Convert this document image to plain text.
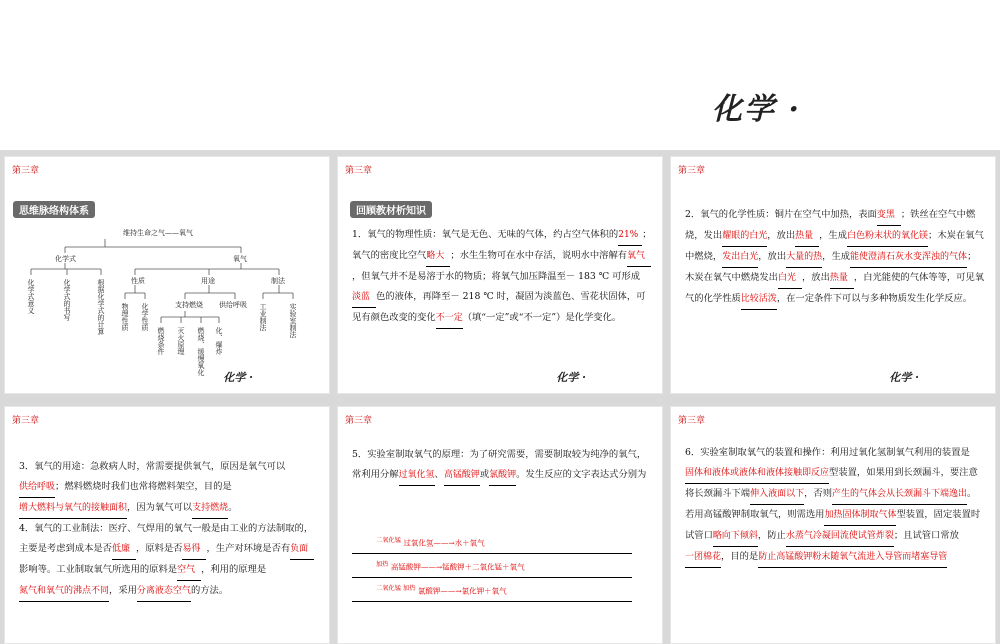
化学 ·
第三章
思维脉络构体系
维持生命之气——氧气
化学式	氧气
性质	用途	制法
支持燃烧 供给呼吸
化学式意义	化学式的书写	根据化学式的计算 物理性质 化学性质	工业制法	实验室制法
燃烧条件 灭火原理 燃烧、缓慢氧化 化、爆炸
化学 ·
第三章
回顾教材析知识
1．氧气的物理性质：氧气是无色、无味的气体，约占空气体积的21% ；氧气的密度比空气略大 ；水生生物可在水中存活，说明水中溶解有氧气，但氧气并不是易溶于水的物质；将氧气加压降温至－ 183 ℃ 可形成淡蓝 色的液体，再降至－ 218 ℃ 时，凝固为淡蓝色、雪花状固体，可见有颜色改变的变化不一定（填“一定”或“不一定”）是化学变化。
化学 ·
第三章
2．氧气的化学性质：铜片在空气中加热，表面变黑 ；铁丝在空气中燃烧，发出耀眼的白光，放出热量 ，生成白色粉末状的氧化镁；木炭在氧气中燃烧，发出白光，放出大量的热，生成能使澄清石灰水变浑浊的气体；木炭在氧气中燃烧发出白光 ，放出热量 ，白光能使的气体等等，可见氧气的化学性质比较活泼，在一定条件下可以与多种物质发生化学反应。
化学 ·
第三章
3．氧气的用途：急救病人时，常需要提供氧气，原因是氧气可以供给呼吸；燃料燃烧时我们也常将燃料架空，目的是增大燃料与氧气的接触面积，因为氧气可以支持燃烧。
4．氧气的工业制法：医疗、气焊用的氧气一般是由工业的方法制取的，主要是考虑到成本是否低廉 ，原料是否易得 ，生产对环境是否有负面影响等。工业制取氧气所选用的原料是空气 ，利用的原理是氮气和氧气的沸点不同，采用分离液态空气的方法。
第三章
5．实验室制取氧气的原理：为了研究需要，需要制取较为纯净的氧气，常利用分解过氧化氢、高锰酸钾或氯酸钾。发生反应的文字表达式分别为
$^{二氧化锰}$ 过氧化氢——→水＋氧气
$^{加热}$ 高锰酸钾——→锰酸钾＋二氧化锰＋氧气
$^{二氧化锰 加热}$ 氯酸钾——→氯化钾＋氧气
第三章
6．实验室制取氧气的装置和操作：利用过氧化氢制氧气利用的装置是固体和液体或液体和液体接触即反应型装置，如果用到长颈漏斗，要注意将长颈漏斗下端伸入液面以下，否则产生的气体会从长颈漏斗下端逸出。若用高锰酸钾制取氧气，则需选用加热固体制取气体型装置，固定装置时试管口略向下倾斜，防止水蒸气冷凝回流使试管炸裂；且试管口常放一团棉花，目的是防止高锰酸钾粉末随氧气流进入导管而堵塞导管
